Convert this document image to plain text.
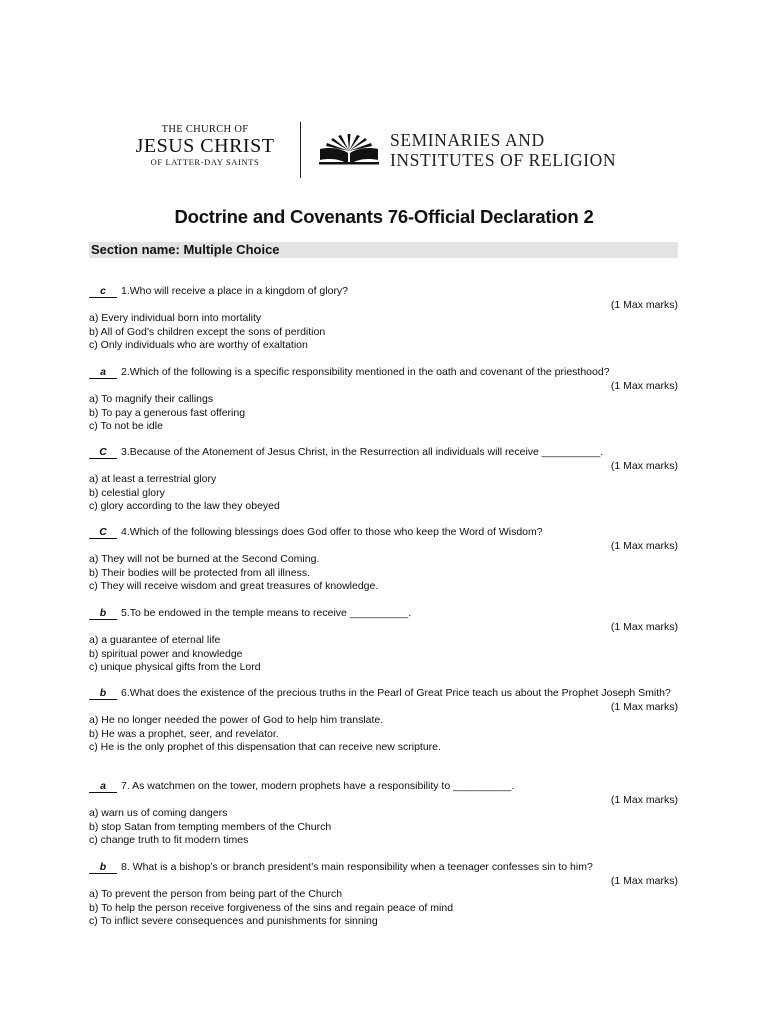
THE CHURCH OF
JESUS CHRIST
OF LATTER-DAY SAINTS
SEMINARIES AND
INSTITUTES OF RELIGION
Doctrine and Covenants 76-Official Declaration 2
Section name: Multiple Choice
c 1.Who will receive a place in a kingdom of glory?
(1 Max marks)
a) Every individual born into mortality
b) All of God’s children except the sons of perdition
c) Only individuals who are worthy of exaltation
a 2.Which of the following is a specific responsibility mentioned in the oath and covenant of the priesthood?
(1 Max marks)
a) To magnify their callings
b) To pay a generous fast offering
c) To not be idle
C 3.Because of the Atonement of Jesus Christ, in the Resurrection all individuals will receive __________.
(1 Max marks)
a) at least a terrestrial glory
b) celestial glory
c) glory according to the law they obeyed
C 4.Which of the following blessings does God offer to those who keep the Word of Wisdom?
(1 Max marks)
a) They will not be burned at the Second Coming.
b) Their bodies will be protected from all illness.
c) They will receive wisdom and great treasures of knowledge.
b 5.To be endowed in the temple means to receive __________.
(1 Max marks)
a) a guarantee of eternal life
b) spiritual power and knowledge
c) unique physical gifts from the Lord
b 6.What does the existence of the precious truths in the Pearl of Great Price teach us about the Prophet Joseph Smith?
(1 Max marks)
a) He no longer needed the power of God to help him translate.
b) He was a prophet, seer, and revelator.
c) He is the only prophet of this dispensation that can receive new scripture.
a 7. As watchmen on the tower, modern prophets have a responsibility to __________.
(1 Max marks)
a) warn us of coming dangers
b) stop Satan from tempting members of the Church
c) change truth to fit modern times
b 8. What is a bishop’s or branch president’s main responsibility when a teenager confesses sin to him?
(1 Max marks)
a) To prevent the person from being part of the Church
b) To help the person receive forgiveness of the sins and regain peace of mind
c) To inflict severe consequences and punishments for sinning
